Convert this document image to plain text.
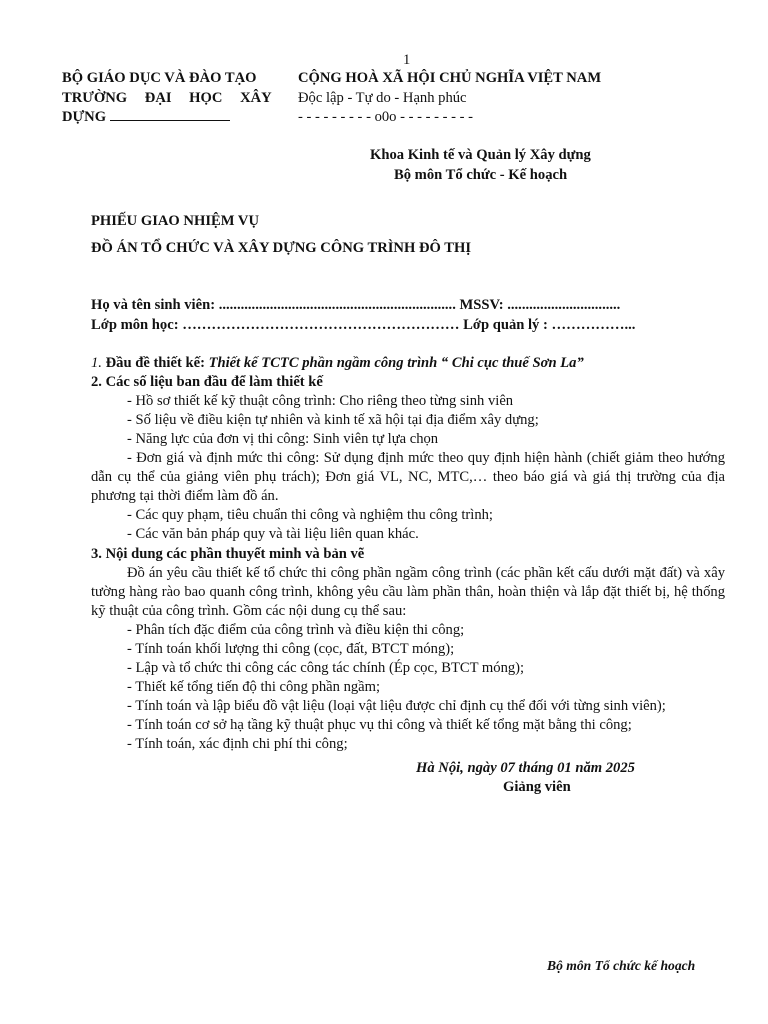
1
BỘ GIÁO DỤC VÀ ĐÀO TẠO
TRƯỜNG ĐẠI HỌC XÂY
DỰNG
CỘNG HOÀ XÃ HỘI CHỦ NGHĨA VIỆT NAM
Độc lập - Tự do - Hạnh phúc
- - - - - - - - - o0o - - - - - - - - -
Khoa Kinh tế và Quản lý Xây dựng
Bộ môn Tổ chức - Kế hoạch
PHIẾU GIAO NHIỆM VỤ
ĐỒ ÁN TỔ CHỨC VÀ XÂY DỰNG CÔNG TRÌNH ĐÔ THỊ
Họ và tên sinh viên: ................................................................. MSSV: ...............................
Lớp môn học: ………………………………………………… Lớp quản lý : ……………...
1. Đầu đề thiết kế: Thiết kế TCTC phần ngầm công trình “ Chi cục thuế Sơn La”

2. Các số liệu ban đầu để làm thiết kế

- Hồ sơ thiết kế kỹ thuật công trình: Cho riêng theo từng sinh viên

- Số liệu về điều kiện tự nhiên và kinh tế xã hội tại địa điểm xây dựng;

- Năng lực của đơn vị thi công: Sinh viên tự lựa chọn

- Đơn giá và định mức thi công: Sử dụng định mức theo quy định hiện hành (chiết giảm theo hướng dẫn cụ thể của giảng viên phụ trách); Đơn giá VL, NC, MTC,… theo báo giá và giá thị trường của địa phương tại thời điểm làm đồ án.

- Các quy phạm, tiêu chuẩn thi công và nghiệm thu công trình;

- Các văn bản pháp quy và tài liệu liên quan khác.

3. Nội dung các phần thuyết minh và bản vẽ

Đồ án yêu cầu thiết kế tổ chức thi công phần ngầm công trình (các phần kết cấu dưới mặt đất) và xây tường hàng rào bao quanh công trình, không yêu cầu làm phần thân, hoàn thiện và lắp đặt thiết bị, hệ thống kỹ thuật của công trình. Gồm các nội dung cụ thể sau:

- Phân tích đặc điểm của công trình và điều kiện thi công;

- Tính toán khối lượng thi công (cọc, đất, BTCT móng);

- Lập và tổ chức thi công các công tác chính (Ép cọc, BTCT móng);

- Thiết kế tổng tiến độ thi công phần ngầm;

- Tính toán và lập biểu đồ vật liệu (loại vật liệu được chỉ định cụ thể đối với từng sinh viên);

- Tính toán cơ sở hạ tầng kỹ thuật phục vụ thi công và thiết kế tổng mặt bằng thi công;

- Tính toán, xác định chi phí thi công;

Hà Nội, ngày 07 tháng 01 năm 2025
Giảng viên
Bộ môn Tổ chức kế hoạch
